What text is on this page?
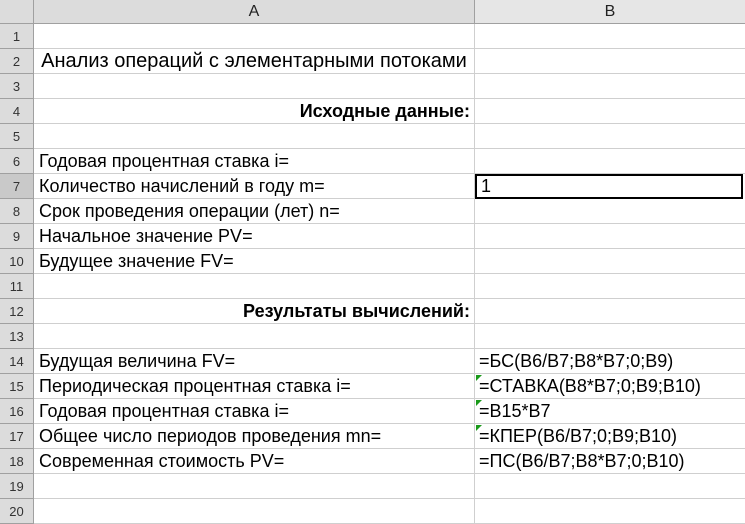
A	B
1
2	Анализ операций с элементарными потоками
3
4	Исходные данные:
5
6	Годовая процентная ставка i=
7	Количество начислений в году m=	1
8	Срок проведения операции (лет) n=
9	Начальное значение PV=
10 Будущее значение FV=
11
12	Результаты вычислений:
13
14 Будущая величина FV=	=БС(B6/B7;B8*B7;0;B9)
15 Периодическая процентная ставка i=	=СТАВКА(B8*B7;0;B9;B10)
16 Годовая процентная ставка i=	=B15*B7
17 Общее число периодов проведения mn=	=КПЕР(B6/B7;0;B9;B10)
18 Современная стоимость PV=	=ПС(B6/B7;B8*B7;0;B10)
19
20
